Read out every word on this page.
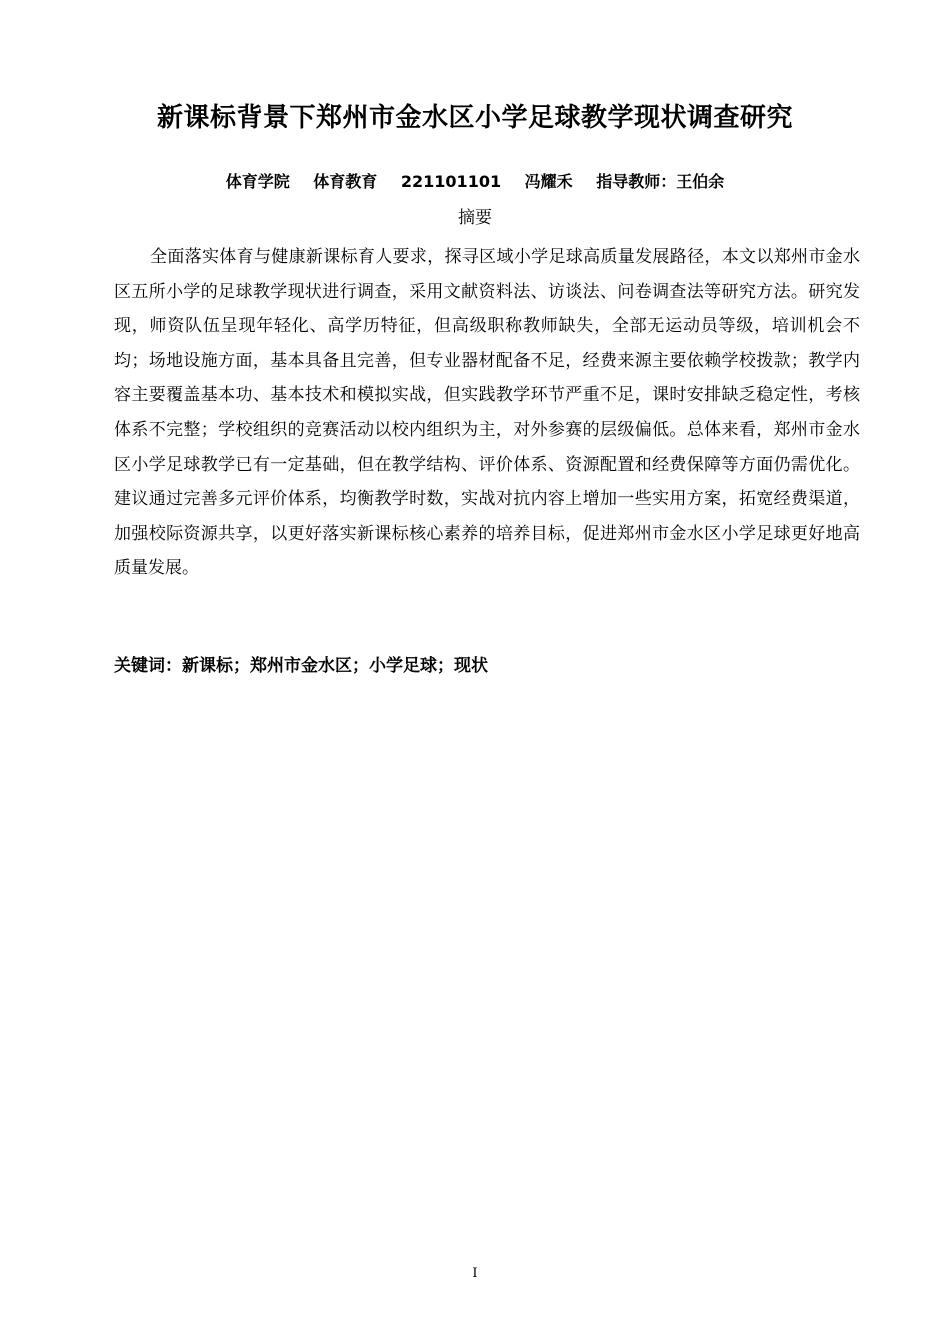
新课标背景下郑州市金水区小学足球教学现状调查研究
体育学院 体育教育 221101101 冯耀禾 指导教师：王伯余
摘要

全面落实体育与健康新课标育人要求，探寻区域小学足球高质量发展路径，本文以郑州市金水区五所小学的足球教学现状进行调查，采用文献资料法、访谈法、问卷调查法等研究方法。研究发现，师资队伍呈现年轻化、高学历特征，但高级职称教师缺失，全部无运动员等级，培训机会不均；场地设施方面，基本具备且完善，但专业器材配备不足，经费来源主要依赖学校拨款；教学内容主要覆盖基本功、基本技术和模拟实战，但实践教学环节严重不足，课时安排缺乏稳定性，考核体系不完整；学校组织的竞赛活动以校内组织为主，对外参赛的层级偏低。总体来看，郑州市金水区小学足球教学已有一定基础，但在教学结构、评价体系、资源配置和经费保障等方面仍需优化。建议通过完善多元评价体系，均衡教学时数，实战对抗内容上增加一些实用方案，拓宽经费渠道，加强校际资源共享，以更好落实新课标核心素养的培养目标，促进郑州市金水区小学足球更好地高质量发展。

关键词：新课标；郑州市金水区；小学足球；现状
I
